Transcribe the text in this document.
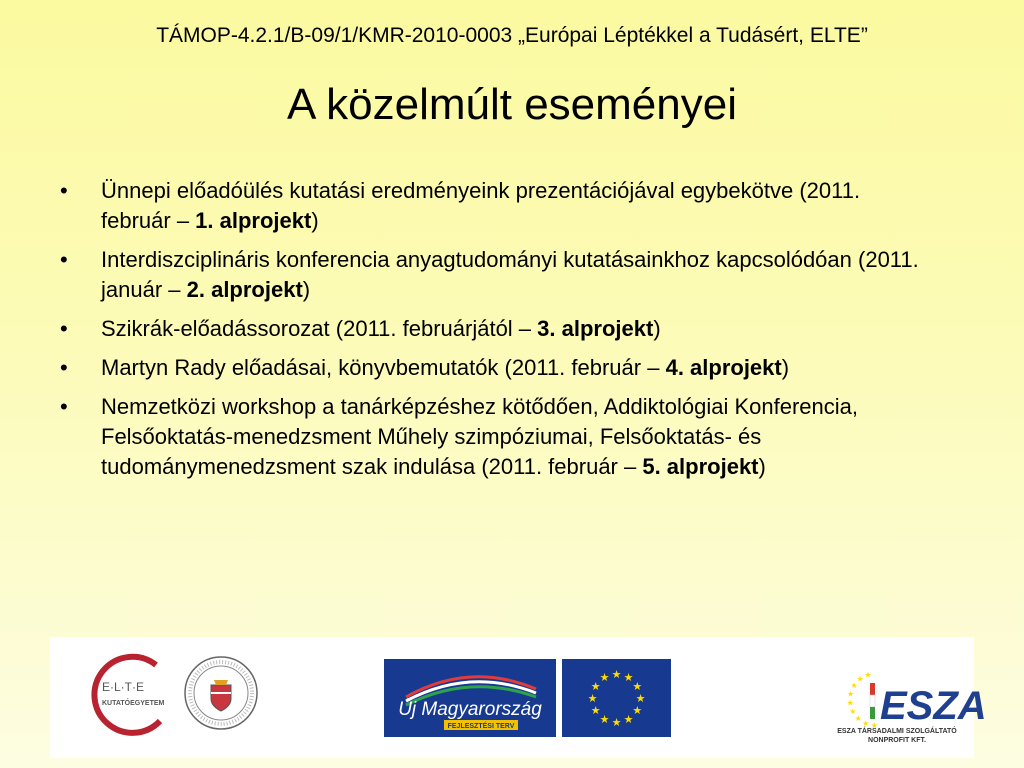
TÁMOP-4.2.1/B-09/1/KMR-2010-0003 „Európai Léptékkel a Tudásért, ELTE”
A közelmúlt eseményei
• Ünnepi előadóülés kutatási eredményeink prezentációjával egybekötve (2011. február – 1. alprojekt)
• Interdiszciplináris konferencia anyagtudományi kutatásainkhoz kapcsolódóan (2011. január – 2. alprojekt)
• Szikrák-előadássorozat (2011. februárjától – 3. alprojekt)
• Martyn Rady előadásai, könyvbemutatók (2011. február – 4. alprojekt)
• Nemzetközi workshop a tanárképzéshez kötődően, Addiktológiai Konferencia, Felsőoktatás-menedzsment Műhely szimpóziumai, Felsőoktatás- és tudománymenedzsment szak indulása (2011. február – 5. alprojekt)
E·L·T·E
KUTATÓEGYETEM	Új Magyarország
FEJLESZTÉSI TERV
★ ★
★
★
★
★
★
★
★
★
★
★	★
★
★
★
★
★
★
★ ★ ESZA
ESZA TÁRSADALMI SZOLGÁLTATÓ
NONPROFIT KFT.
